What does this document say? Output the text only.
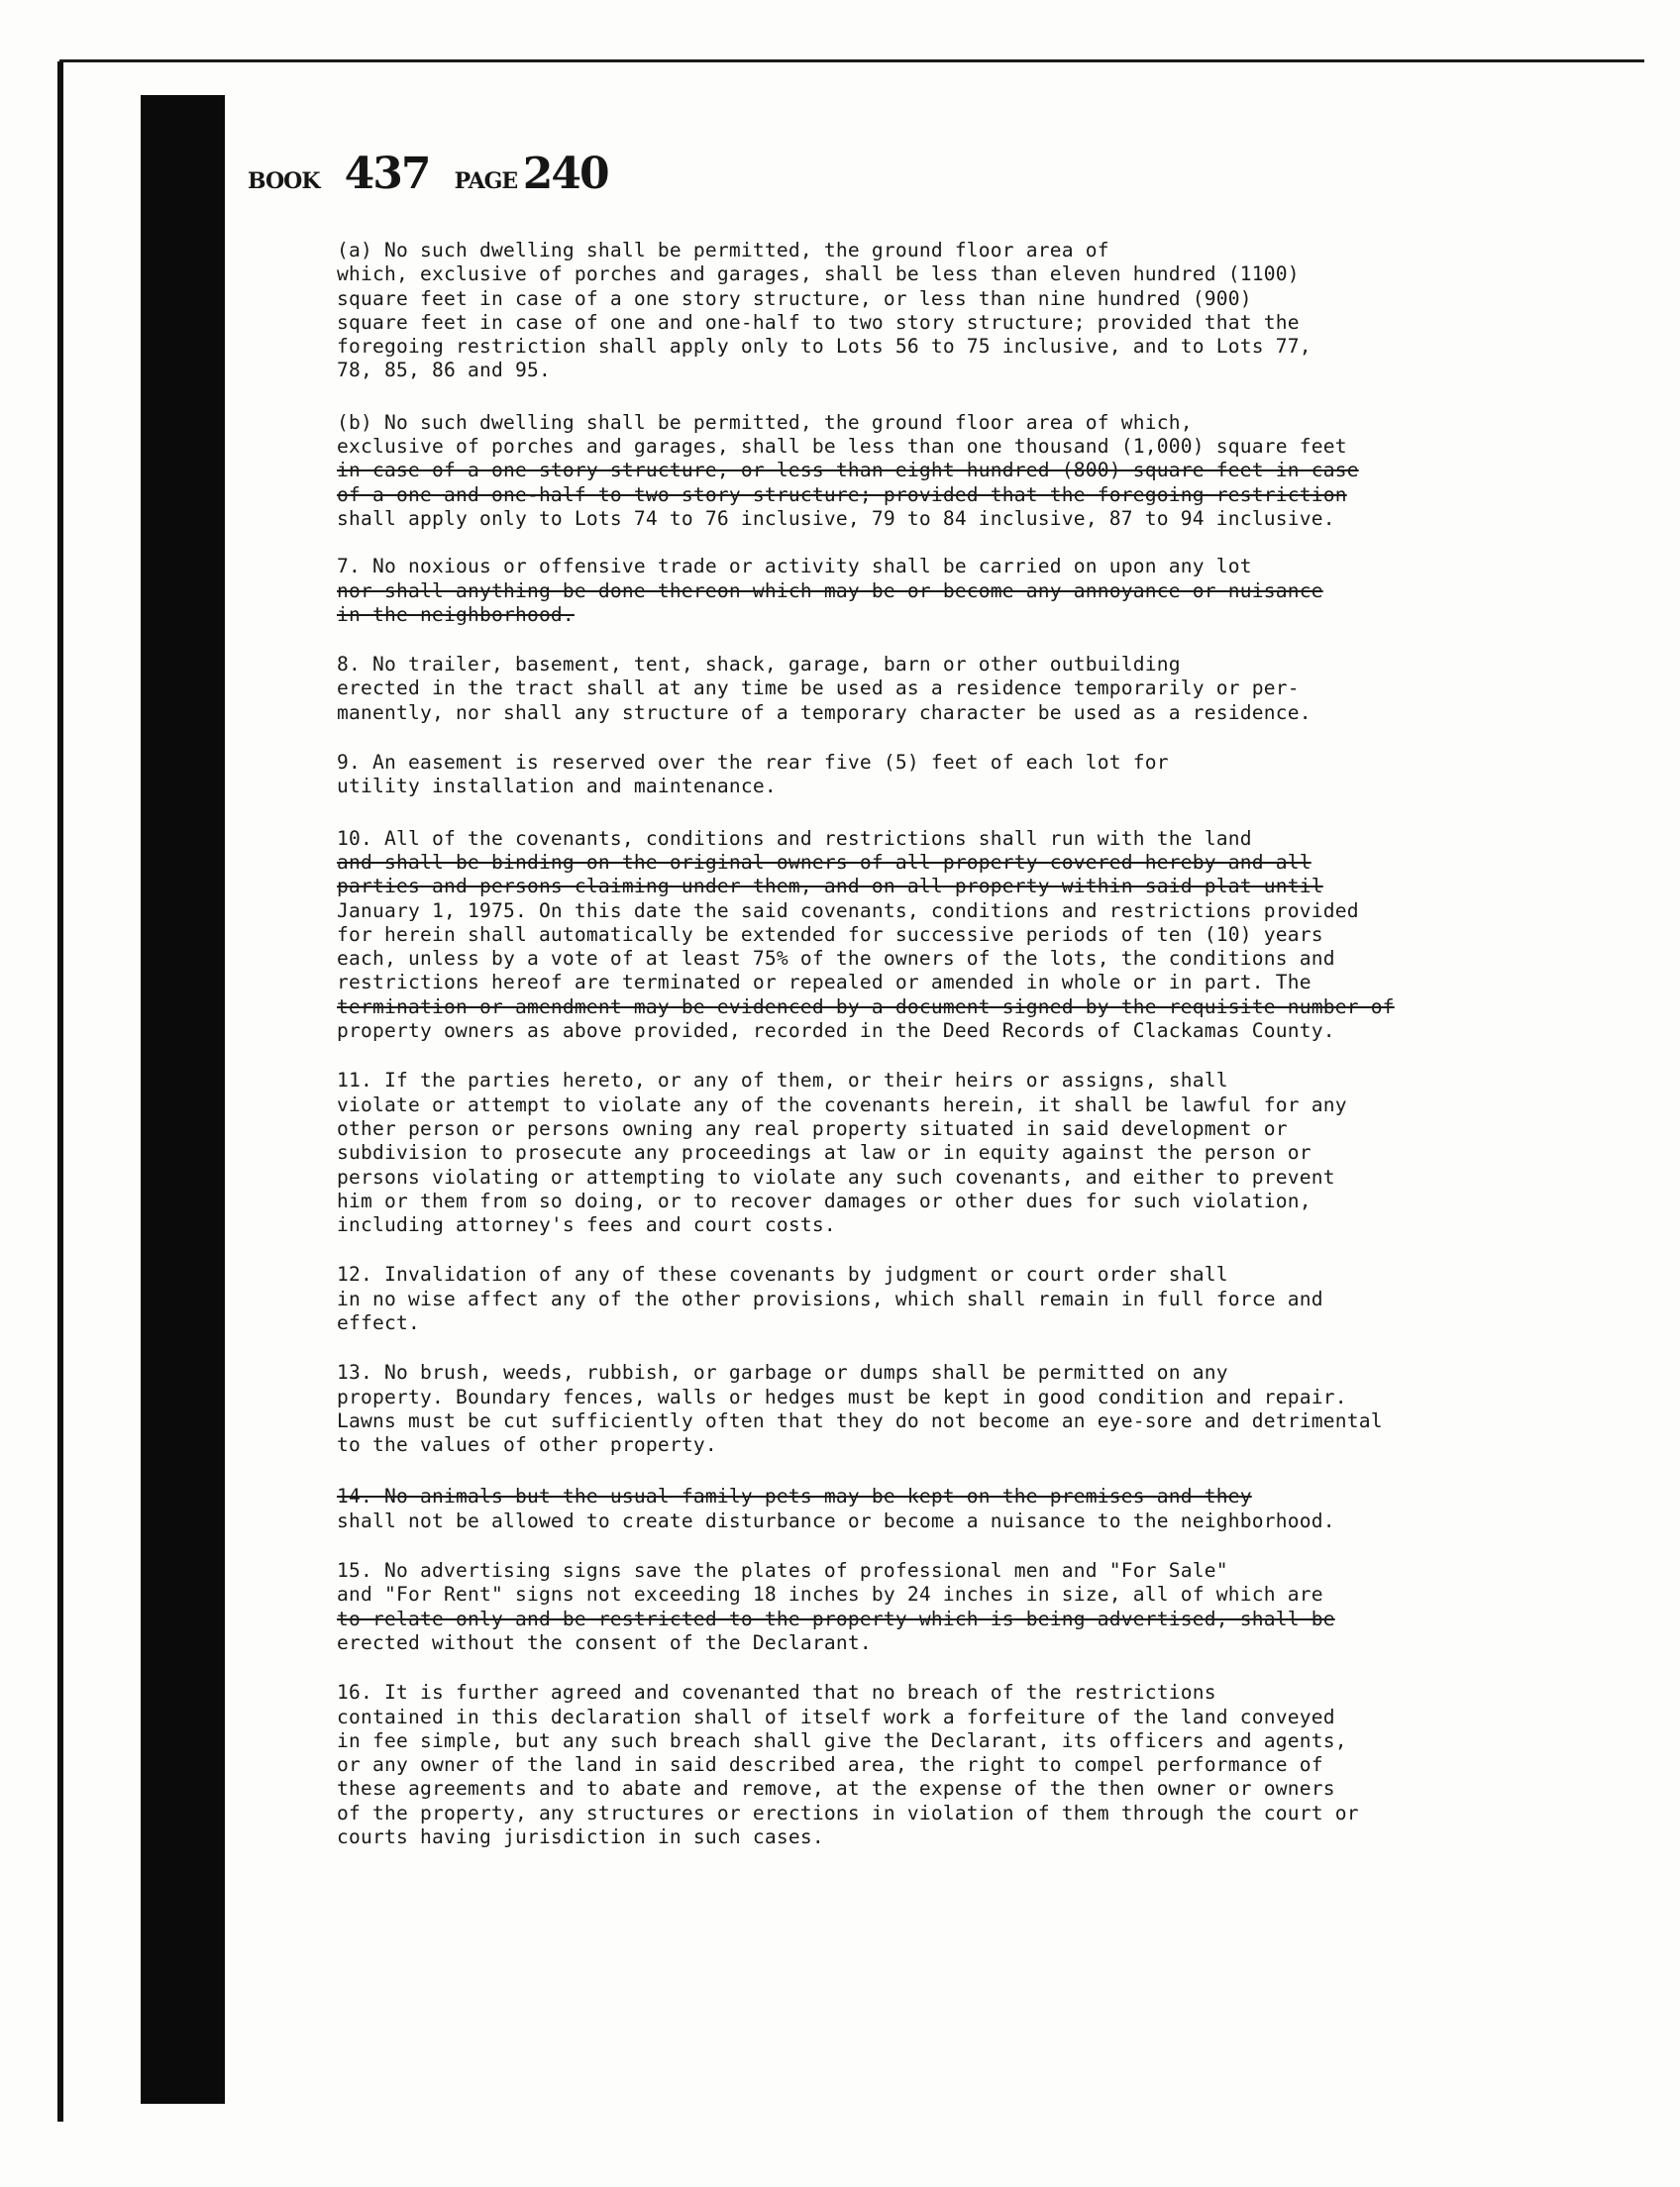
BOOK 437 PAGE 240
(a) No such dwelling shall be permitted, the ground floor area of
which, exclusive of porches and garages, shall be less than eleven hundred (1100)
square feet in case of a one story structure, or less than nine hundred (900)
square feet in case of one and one-half to two story structure; provided that the
foregoing restriction shall apply only to Lots 56 to 75 inclusive, and to Lots 77,
78, 85, 86 and 95.
(b) No such dwelling shall be permitted, the ground floor area of which,
exclusive of porches and garages, shall be less than one thousand (1,000) square feet
in case of a one story structure, or less than eight hundred (800) square feet in case
of a one and one-half to two story structure; provided that the foregoing restriction
shall apply only to Lots 74 to 76 inclusive, 79 to 84 inclusive, 87 to 94 inclusive.
7. No noxious or offensive trade or activity shall be carried on upon any lot
nor shall anything be done thereon which may be or become any annoyance or nuisance
in the neighborhood.
8. No trailer, basement, tent, shack, garage, barn or other outbuilding
erected in the tract shall at any time be used as a residence temporarily or per-
manently, nor shall any structure of a temporary character be used as a residence.
9. An easement is reserved over the rear five (5) feet of each lot for
utility installation and maintenance.
10. All of the covenants, conditions and restrictions shall run with the land
and shall be binding on the original owners of all property covered hereby and all
parties and persons claiming under them, and on all property within said plat until
January 1, 1975. On this date the said covenants, conditions and restrictions provided
for herein shall automatically be extended for successive periods of ten (10) years
each, unless by a vote of at least 75% of the owners of the lots, the conditions and
restrictions hereof are terminated or repealed or amended in whole or in part. The
termination or amendment may be evidenced by a document signed by the requisite number of
property owners as above provided, recorded in the Deed Records of Clackamas County.
11. If the parties hereto, or any of them, or their heirs or assigns, shall
violate or attempt to violate any of the covenants herein, it shall be lawful for any
other person or persons owning any real property situated in said development or
subdivision to prosecute any proceedings at law or in equity against the person or
persons violating or attempting to violate any such covenants, and either to prevent
him or them from so doing, or to recover damages or other dues for such violation,
including attorney's fees and court costs.
12. Invalidation of any of these covenants by judgment or court order shall
in no wise affect any of the other provisions, which shall remain in full force and
effect.
13. No brush, weeds, rubbish, or garbage or dumps shall be permitted on any
property. Boundary fences, walls or hedges must be kept in good condition and repair.
Lawns must be cut sufficiently often that they do not become an eye-sore and detrimental
to the values of other property.
14. No animals but the usual family pets may be kept on the premises and they
shall not be allowed to create disturbance or become a nuisance to the neighborhood.
15. No advertising signs save the plates of professional men and "For Sale"
and "For Rent" signs not exceeding 18 inches by 24 inches in size, all of which are
to relate only and be restricted to the property which is being advertised, shall be
erected without the consent of the Declarant.
16. It is further agreed and covenanted that no breach of the restrictions
contained in this declaration shall of itself work a forfeiture of the land conveyed
in fee simple, but any such breach shall give the Declarant, its officers and agents,
or any owner of the land in said described area, the right to compel performance of
these agreements and to abate and remove, at the expense of the then owner or owners
of the property, any structures or erections in violation of them through the court or
courts having jurisdiction in such cases.
